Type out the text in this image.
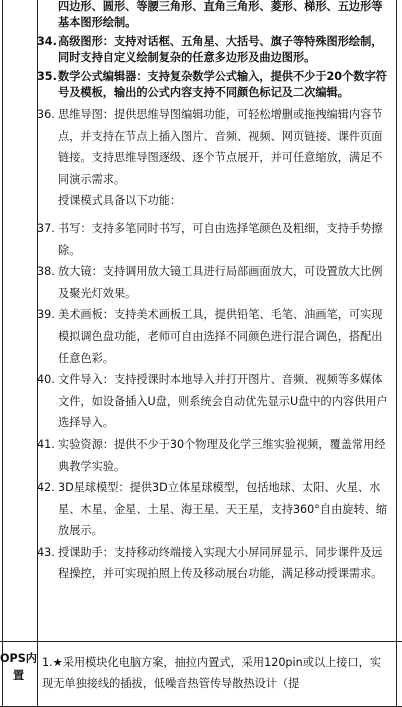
四边形、圆形、等腰三角形、直角三角形、菱形、梯形、五边形等基本图形绘制。
34. 高级图形：支持对话框、五角星、大括号、旗子等特殊图形绘制，同时支持自定义绘制复杂的任意多边形及曲边图形。
35. 数学公式编辑器：支持复杂数学公式输入，提供不少于20个数字符号及模板，输出的公式内容支持不同颜色标记及二次编辑。
36. 思维导图：提供思维导图编辑功能，可轻松增删或拖拽编辑内容节点，并支持在节点上插入图片、音频、视频、网页链接、课件页面链接。支持思维导图逐级、逐个节点展开，并可任意缩放，满足不同演示需求。
授课模式具备以下功能：
37. 书写：支持多笔同时书写，可自由选择笔颜色及粗细，支持手势擦除。
38. 放大镜：支持调用放大镜工具进行局部画面放大，可设置放大比例及聚光灯效果。
39. 美术画板：支持美术画板工具，提供铅笔、毛笔、油画笔，可实现模拟调色盘功能，老师可自由选择不同颜色进行混合调色，搭配出任意色彩。
40. 文件导入：支持授课时本地导入并打开图片、音频、视频等多媒体文件，如设备插入U盘，则系统会自动优先显示U盘中的内容供用户选择导入。
41. 实验资源：提供不少于30个物理及化学三维实验视频，覆盖常用经典教学实验。
42. 3D星球模型：提供3D立体星球模型，包括地球、太阳、火星、水星、木星、金星、土星、海王星、天王星，支持360°自由旋转、缩放展示。
43. 授课助手：支持移动终端接入实现大小屏同屏显示、同步课件及远程操控，并可实现拍照上传及移动展台功能，满足移动授课需求。
OPS内置
1.★采用模块化电脑方案，抽拉内置式，采用120pin或以上接口，实现无单独接线的插拔，低噪音热管传导散热设计（提
